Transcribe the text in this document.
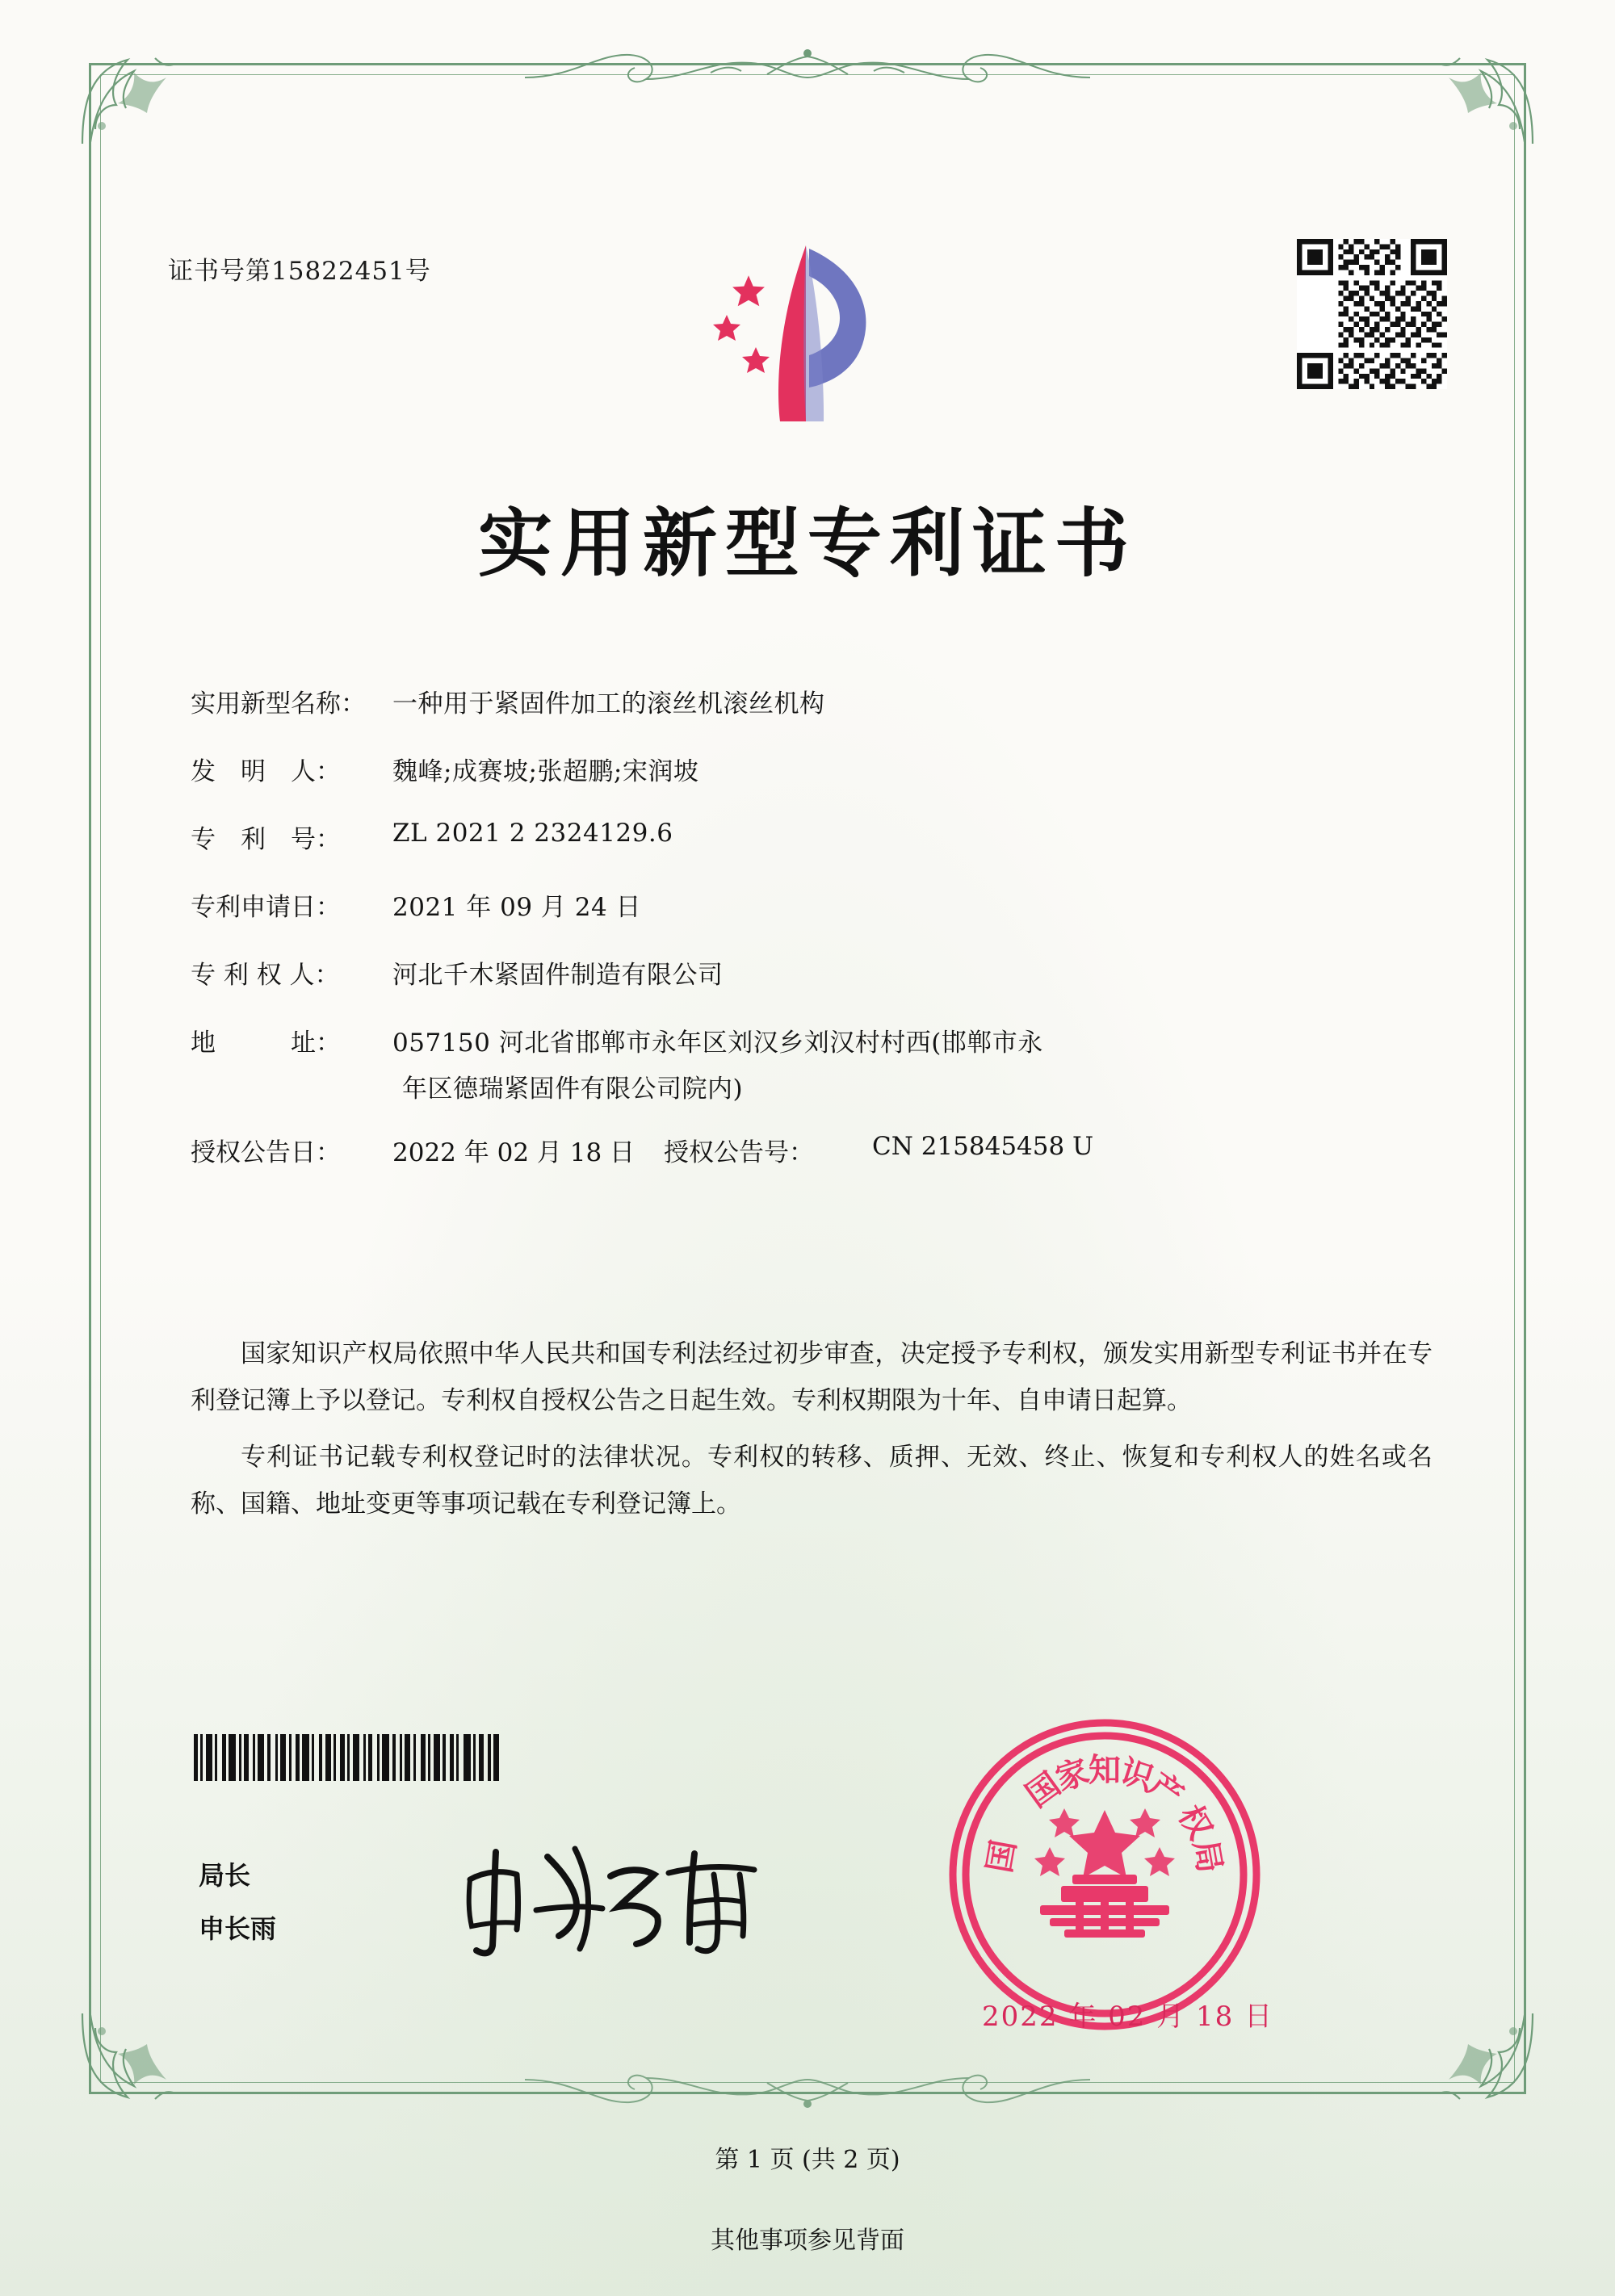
证书号第15822451号
实用新型专利证书
实用新型名称：	一种用于紧固件加工的滚丝机滚丝机构
发　明　人：	魏峰;成赛坡;张超鹏;宋润坡
专　利　号：	ZL 2021 2 2324129.6
专利申请日：	2021 年 09 月 24 日
专 利 权 人：	河北千木紧固件制造有限公司
地　　　址：	057150 河北省邯郸市永年区刘汉乡刘汉村村西(邯郸市永
年区德瑞紧固件有限公司院内)
授权公告日：	2022 年 02 月 18 日 授权公告号：	CN 215845458 U

国家知识产权局依照中华人民共和国专利法经过初步审查，决定授予专利权，颁发实用新型专利证书并在专利登记簿上予以登记。专利权自授权公告之日起生效。专利权期限为十年、自申请日起算。

专利证书记载专利权登记时的法律状况。专利权的转移、质押、无效、终止、恢复和专利权人的姓名或名称、国籍、地址变更等事项记载在专利登记簿上。

局长
申长雨
国
家
知
识
产
权
局
国
2022 年 02 月 18 日
第 1 页 (共 2 页)
其他事项参见背面
